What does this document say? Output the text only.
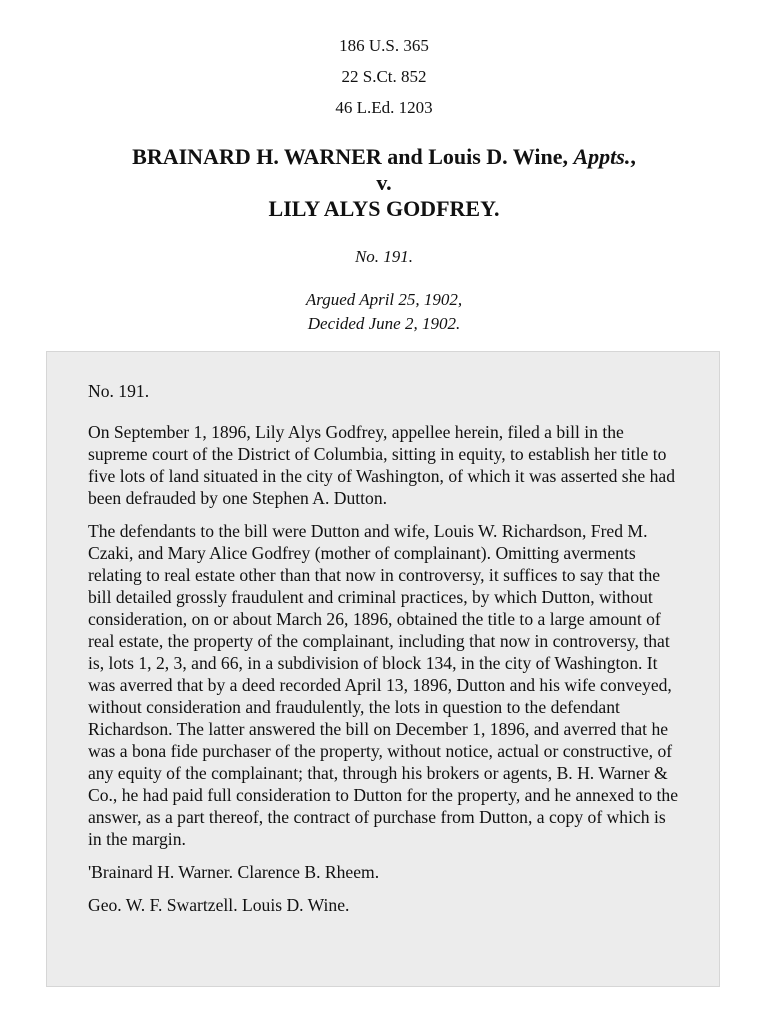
186 U.S. 365
22 S.Ct. 852
46 L.Ed. 1203
BRAINARD H. WARNER and Louis D. Wine, Appts.,
v.
LILY ALYS GODFREY.
No. 191.
Argued April 25, 1902,
Decided June 2, 1902.

No. 191.

On September 1, 1896, Lily Alys Godfrey, appellee herein, filed a bill in the supreme court of the District of Columbia, sitting in equity, to establish her title to five lots of land situated in the city of Washington, of which it was asserted she had been defrauded by one Stephen A. Dutton.

The defendants to the bill were Dutton and wife, Louis W. Richardson, Fred M. Czaki, and Mary Alice Godfrey (mother of complainant). Omitting averments relating to real estate other than that now in controversy, it suffices to say that the bill detailed grossly fraudulent and criminal practices, by which Dutton, without consideration, on or about March 26, 1896, obtained the title to a large amount of real estate, the property of the complainant, including that now in controversy, that is, lots 1, 2, 3, and 66, in a subdivision of block 134, in the city of Washington. It was averred that by a deed recorded April 13, 1896, Dutton and his wife conveyed, without consideration and fraudulently, the lots in question to the defendant Richardson. The latter answered the bill on December 1, 1896, and averred that he was a bona fide purchaser of the property, without notice, actual or constructive, of any equity of the complainant; that, through his brokers or agents, B. H. Warner & Co., he had paid full consideration to Dutton for the property, and he annexed to the answer, as a part thereof, the contract of purchase from Dutton, a copy of which is in the margin.

'Brainard H. Warner. Clarence B. Rheem.

Geo. W. F. Swartzell. Louis D. Wine.
